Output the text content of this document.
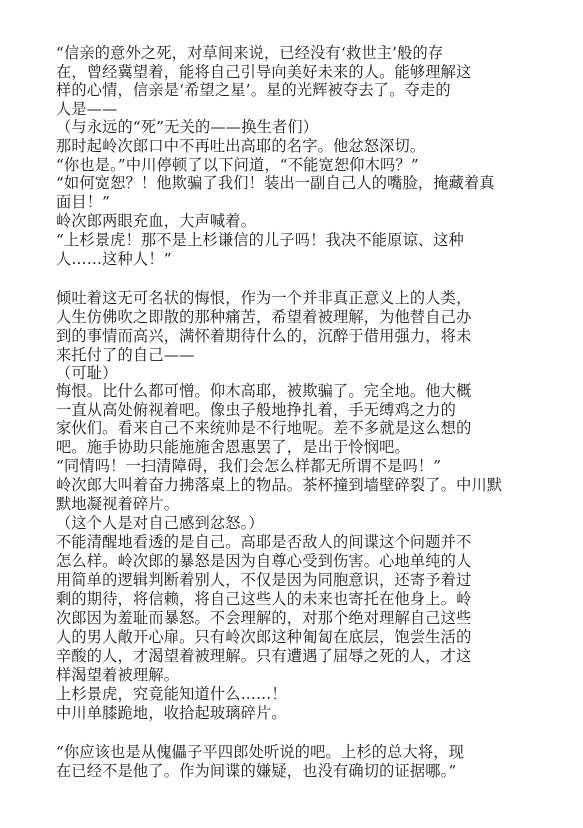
“信亲的意外之死，对草间来说，已经没有‘救世主’般的存

在，曾经冀望着，能将自己引导向美好未来的人。能够理解这

样的心情，信亲是‘希望之星’。星的光辉被夺去了。夺走的

人是——

（与永远的“死”无关的——换生者们）

那时起岭次郎口中不再吐出高耶的名字。他忿怒深切。

“你也是。”中川停顿了以下问道，“不能宽恕仰木吗？”

“如何宽恕？！他欺骗了我们！装出一副自己人的嘴脸，掩藏着真

面目！”

岭次郎两眼充血，大声喊着。

“上杉景虎！那不是上杉谦信的儿子吗！我决不能原谅、这种

人……这种人！”

倾吐着这无可名状的悔恨，作为一个并非真正意义上的人类，

人生仿佛吹之即散的那种痛苦，希望着被理解，为他替自己办

到的事情而高兴，满怀着期待什么的，沉醉于借用强力，将未

来托付了的自己——

（可耻）

悔恨。比什么都可憎。仰木高耶，被欺骗了。完全地。他大概

一直从高处俯视着吧。像虫子般地挣扎着，手无缚鸡之力的

家伙们。看来自己不来统帅是不行地呢。差不多就是这么想的

吧。施手协助只能施施舍恩惠罢了，是出于怜悯吧。

“同情吗！一扫清障碍，我们会怎么样都无所谓不是吗！”

岭次郎大叫着奋力拂落桌上的物品。茶杯撞到墙壁碎裂了。中川默

默地凝视着碎片。

（这个人是对自己感到忿怒。）

不能清醒地看透的是自己。高耶是否敌人的间谍这个问题并不

怎么样。岭次郎的暴怒是因为自尊心受到伤害。心地单纯的人

用简单的逻辑判断着别人，不仅是因为同胞意识，还寄予着过

剩的期待，将信赖，将自己这些人的未来也寄托在他身上。岭

次郎因为羞耻而暴怒。不会理解的，对那个绝对理解自己这些

人的男人敞开心扉。只有岭次郎这种匍匐在底层，饱尝生活的

辛酸的人，才渴望着被理解。只有遭遇了屈辱之死的人，才这

样渴望着被理解。

上杉景虎，究竟能知道什么……！

中川单膝跪地，收拾起玻璃碎片。

“你应该也是从傀儡子平四郎处听说的吧。上杉的总大将，现

在已经不是他了。作为间谍的嫌疑，也没有确切的证据哪。”
